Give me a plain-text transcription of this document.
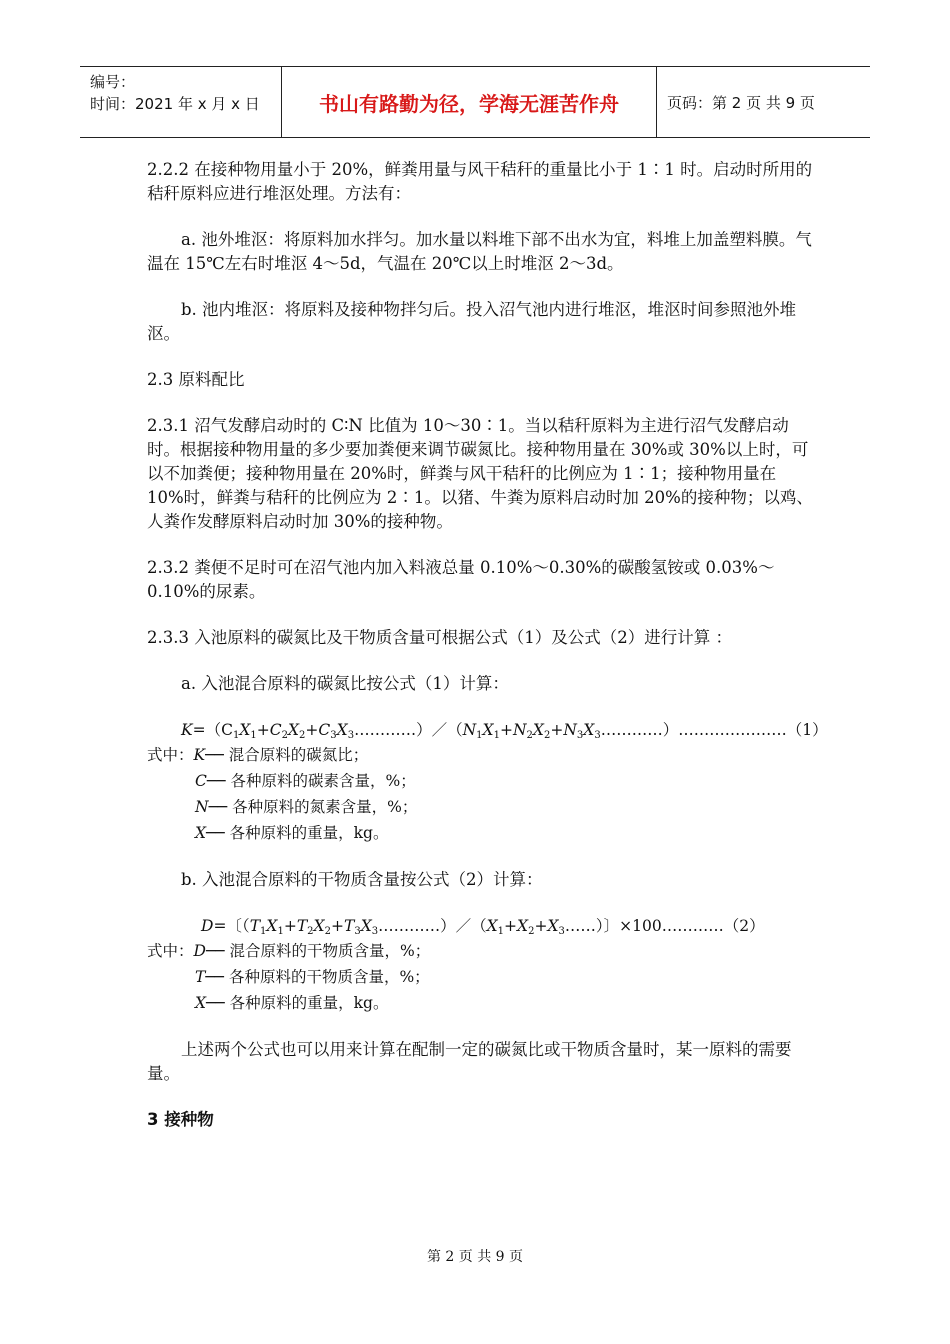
编号：
时间：2021 年 x 月 x 日	书山有路勤为径，学海无涯苦作舟	页码：第 2 页 共 9 页

2.2.2 在接种物用量小于 20%，鲜粪用量与风干秸秆的重量比小于 1∶1 时。启动时所用的秸秆原料应进行堆沤处理。方法有：

a. 池外堆沤：将原料加水拌匀。加水量以料堆下部不出水为宜，料堆上加盖塑料膜。气温在 15℃左右时堆沤 4～5d，气温在 20℃以上时堆沤 2～3d。

b. 池内堆沤：将原料及接种物拌匀后。投入沼气池内进行堆沤，堆沤时间参照池外堆沤。

2.3 原料配比

2.3.1 沼气发酵启动时的 C∶N 比值为 10～30∶1。当以秸秆原料为主进行沼气发酵启动时。根据接种物用量的多少要加粪便来调节碳氮比。接种物用量在 30%或 30%以上时，可以不加粪便；接种物用量在 20%时，鲜粪与风干秸秆的比例应为 1∶1；接种物用量在 10%时，鲜粪与秸秆的比例应为 2∶1。以猪、牛粪为原料启动时加 20%的接种物；以鸡、人粪作发酵原料启动时加 30%的接种物。

2.3.2 粪便不足时可在沼气池内加入料液总量 0.10%～0.30%的碳酸氢铵或 0.03%～0.10%的尿素。

2.3.3 入池原料的碳氮比及干物质含量可根据公式（1）及公式（2）进行计算 ：

a. 入池混合原料的碳氮比按公式（1）计算：

$K=(C_1X_1+C_2X_2+C_3X_3\dots\dots\dots\dots)/(N_1X_1+N_2X_2+N_3X_3\dots\dots\dots\dots)\dots\dots\dots\dots\dots\dots\dots(1)$

式中：K── 混合原料的碳氮比；
C── 各种原料的碳素含量，%；
N── 各种原料的氮素含量，%；
X── 各种原料的重量，kg。

b. 入池混合原料的干物质含量按公式（2）计算：

D=〔$(T_1X_1+T_2X_2+T_3X_3\dots\dots\dots\dots)/(X_1+X_2+X_3\dots\dots)$〕×100…………（2）

式中：D── 混合原料的干物质含量，%；
T── 各种原料的干物质含量，%；
X── 各种原料的重量，kg。

上述两个公式也可以用来计算在配制一定的碳氮比或干物质含量时，某一原料的需要量。

3 接种物

第 2 页 共 9 页
